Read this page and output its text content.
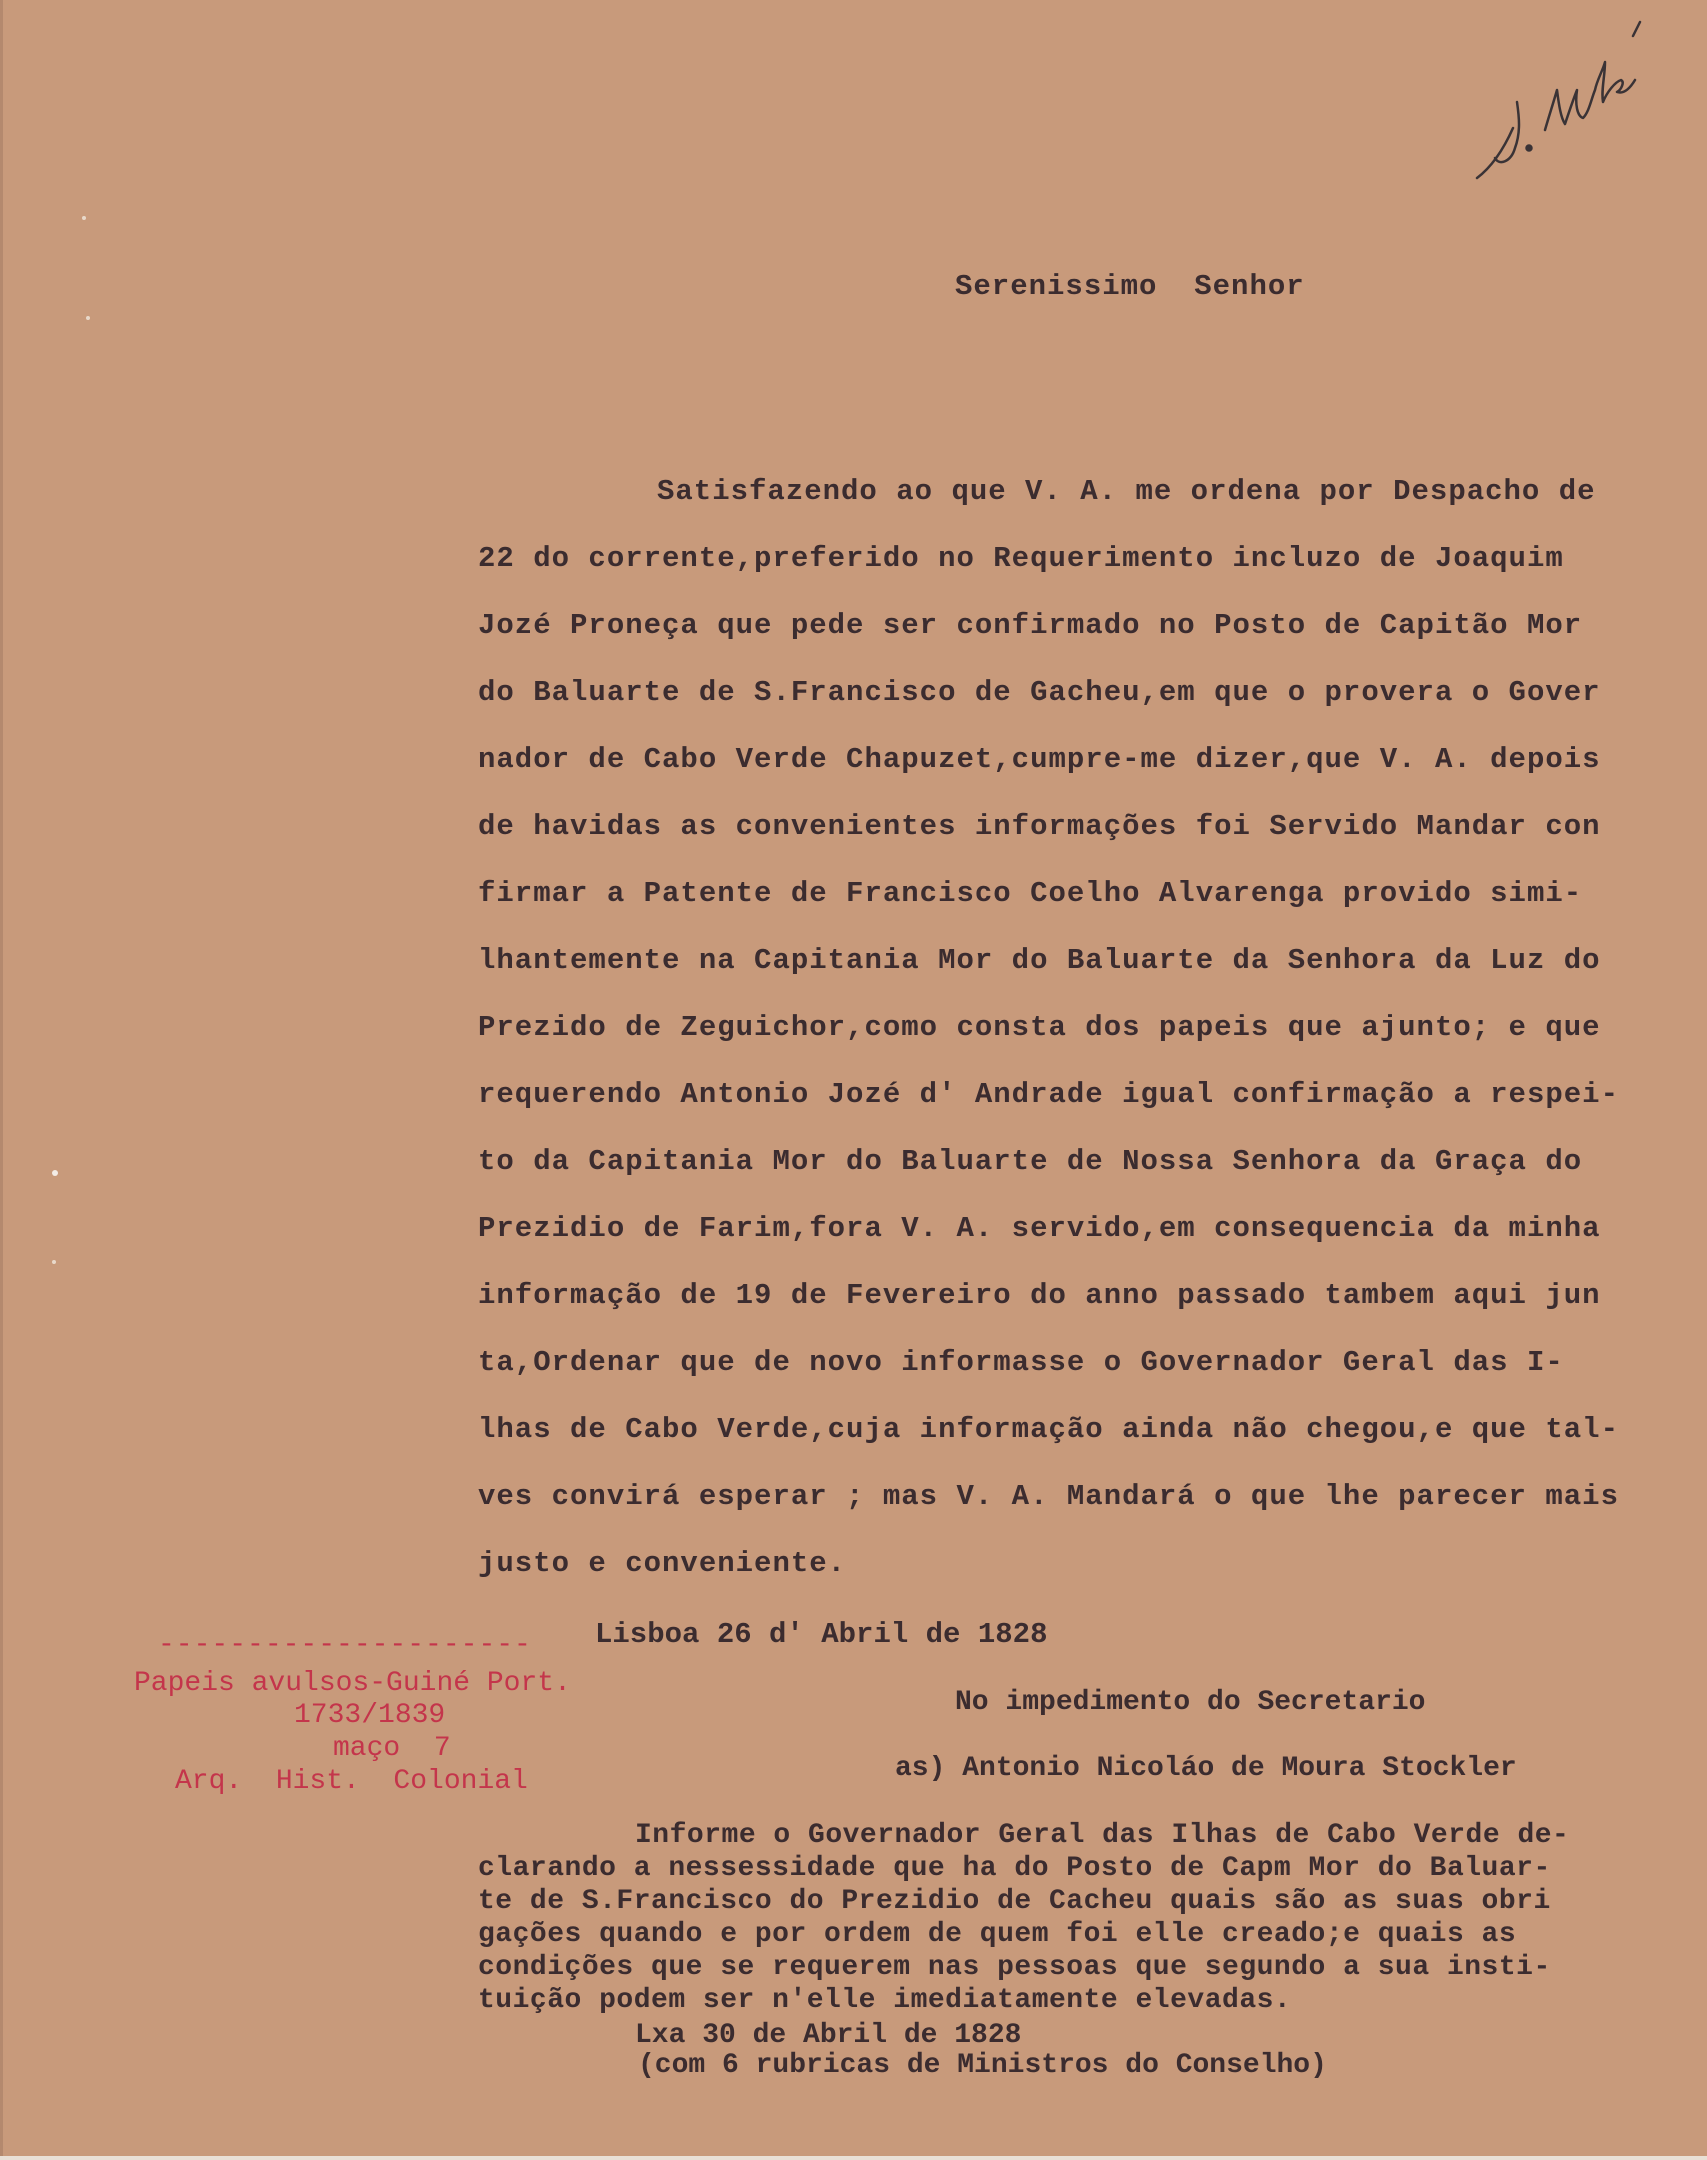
Serenissimo  Senhor
Satisfazendo ao que V. A. me ordena por Despacho de
22 do corrente,preferido no Requerimento incluzo de Joaquim
Jozé Proneça que pede ser confirmado no Posto de Capitão Mor
do Baluarte de S.Francisco de Gacheu,em que o provera o Gover
nador de Cabo Verde Chapuzet,cumpre-me dizer,que V. A. depois
de havidas as convenientes informações foi Servido Mandar con
firmar a Patente de Francisco Coelho Alvarenga provido simi-
lhantemente na Capitania Mor do Baluarte da Senhora da Luz do
Prezido de Zeguichor,como consta dos papeis que ajunto; e que
requerendo Antonio Jozé d' Andrade igual confirmação a respei-
to da Capitania Mor do Baluarte de Nossa Senhora da Graça do
Prezidio de Farim,fora V. A. servido,em consequencia da minha
informação de 19 de Fevereiro do anno passado tambem aqui jun
ta,Ordenar que de novo informasse o Governador Geral das I-
lhas de Cabo Verde,cuja informação ainda não chegou,e que tal-
ves convirá esperar ; mas V. A. Mandará o que lhe parecer mais
justo e conveniente.
Lisboa 26 d' Abril de 1828
---------------------
Papeis avulsos-Guiné Port.
1733/1839
maço  7
Arq.  Hist.  Colonial
No impedimento do Secretario
as) Antonio Nicoláo de Moura Stockler
Informe o Governador Geral das Ilhas de Cabo Verde de-
clarando a nessessidade que ha do Posto de Capm Mor do Baluar-
te de S.Francisco do Prezidio de Cacheu quais são as suas obri
gações quando e por ordem de quem foi elle creado;e quais as
condições que se requerem nas pessoas que segundo a sua insti-
tuição podem ser n'elle imediatamente elevadas.
Lxa 30 de Abril de 1828
(com 6 rubricas de Ministros do Conselho)
